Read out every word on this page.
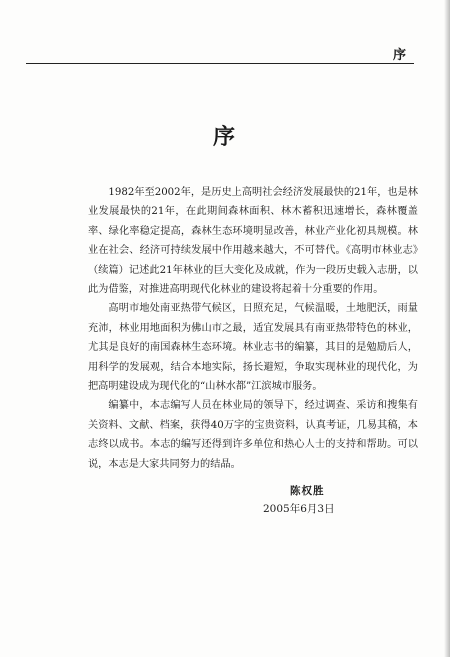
序
序

1982年至2002年，是历史上高明社会经济发展最快的21年，也是林业发展最快的21年，在此期间森林面积、林木蓄积迅速增长，森林覆盖率、绿化率稳定提高，森林生态环境明显改善，林业产业化初具规模。林业在社会、经济可持续发展中作用越来越大，不可替代。《高明市林业志》（续篇）记述此21年林业的巨大变化及成就，作为一段历史载入志册，以此为借鉴，对推进高明现代化林业的建设将起着十分重要的作用。

高明市地处南亚热带气候区，日照充足，气候温暖，土地肥沃，雨量充沛，林业用地面积为佛山市之最，适宜发展具有南亚热带特色的林业，尤其是良好的南国森林生态环境。林业志书的编纂，其目的是勉励后人，用科学的发展观，结合本地实际，扬长避短，争取实现林业的现代化，为把高明建设成为现代化的“山林水都”江滨城市服务。

编纂中，本志编写人员在林业局的领导下，经过调查、采访和搜集有关资料、文献、档案，获得40万字的宝贵资料，认真考证，几易其稿，本志终以成书。本志的编写还得到许多单位和热心人士的支持和帮助。可以说，本志是大家共同努力的结晶。

陈权胜
2005年6月3日
